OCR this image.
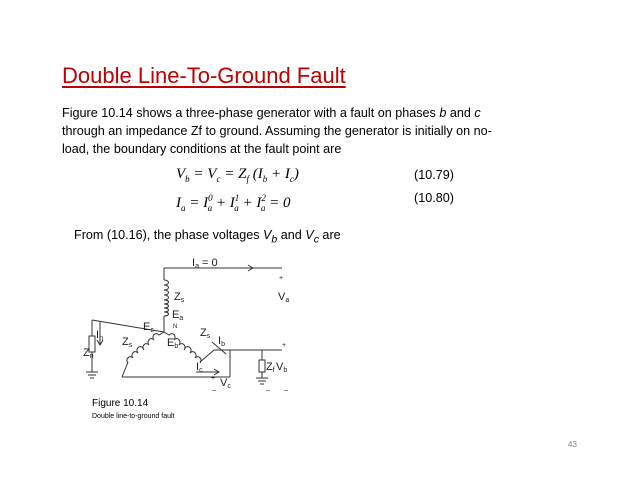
Double Line-To-Ground Fault

Figure 10.14 shows a three-phase generator with a fault on phases b and c

through an impedance Zf to ground. Assuming the generator is initially on no-

load, the boundary conditions at the fault point are

$V_b = V_c = Z_f$ $(I_b + I_c)$	(10.79)
$I_a = I^0_a + I^1_a + I^2_a = 0$	(10.80)
From (10.16), the phase voltages $V_b$ and $V_c$ are
Ia = 0
+
Zs	Va
Ea
N
Ec	Zs
In Zs	Eb	Ib
Zn
+
Zf Vb
Ic
+ Vc
–	– –
Figure 10.14
Double line-to-ground fault
43
